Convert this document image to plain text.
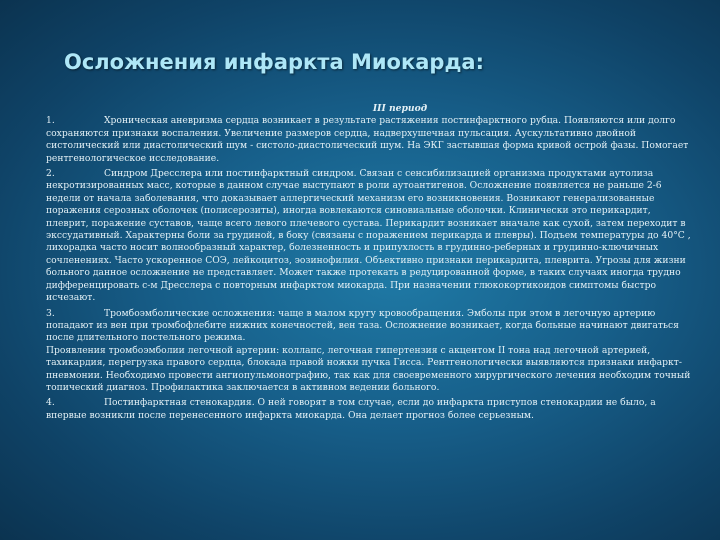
Осложнения инфаркта Миокарда:
III период

1.	Хроническая аневризма сердца возникает в результате растяжения постинфарктного рубца. Появляются или долго сохраняются признаки воспаления. Увеличение размеров сердца, надверхушечная пульсация. Аускультативно двойной систолический или диастолический шум - систоло-диастолический шум. На ЭКГ застывшая форма кривой острой фазы. Помогает рентгенологическое исследование.

2.	Синдром Дресслера или постинфарктный синдром. Связан с сенсибилизацией организма продуктами аутолиза некротизированных масс, которые в данном случае выступают в роли аутоантигенов. Осложнение появляется не раньше 2-6 недели от начала заболевания, что доказывает аллергический механизм его возникновения. Возникают генерализованные поражения серозных оболочек (полисерозиты), иногда вовлекаются синовиальные оболочки. Клинически это перикардит, плеврит, поражение суставов, чаще всего левого плечевого сустава. Перикардит возникает вначале как сухой, затем переходит в экссудативный. Характерны боли за грудиной, в боку (связаны с поражением перикарда и плевры). Подъем температуры до 40°С , лихорадка часто носит волнообразный характер, болезненность и припухлость в грудинно-реберных и грудинно-ключичных сочленениях. Часто ускоренное СОЭ, лейкоцитоз, эозинофилия. Объективно признаки перикардита, плеврита. Угрозы для жизни больного данное осложнение не представляет. Может также протекать в редуцированной форме, в таких случаях иногда трудно дифференцировать с-м Дресслера с повторным инфарктом миокарда. При назначении глюкокортикоидов симптомы быстро исчезают.

3.	Тромбоэмболические осложнения: чаще в малом кругу кровообращения. Эмболы при этом в легочную артерию попадают из вен при тромбофлебите нижних конечностей, вен таза. Осложнение возникает, когда больные начинают двигаться после длительного постельного режима.

Проявления тромбоэмболии легочной артерии: коллапс, легочная гипертензия с акцентом II тона над легочной артерией, тахикардия, перегрузка правого сердца, блокада правой ножки пучка Гисса. Рентгенологически выявляются признаки инфаркт-пневмонии. Необходимо провести ангиопульмонографию, так как для своевременного хирургического лечения необходим точный топический диагноз. Профилактика заключается в активном ведении больного.

4.	Постинфарктная стенокардия. О ней говорят в том случае, если до инфаркта приступов стенокардии не было, а впервые возникли после перенесенного инфаркта миокарда. Она делает прогноз более серьезным.
